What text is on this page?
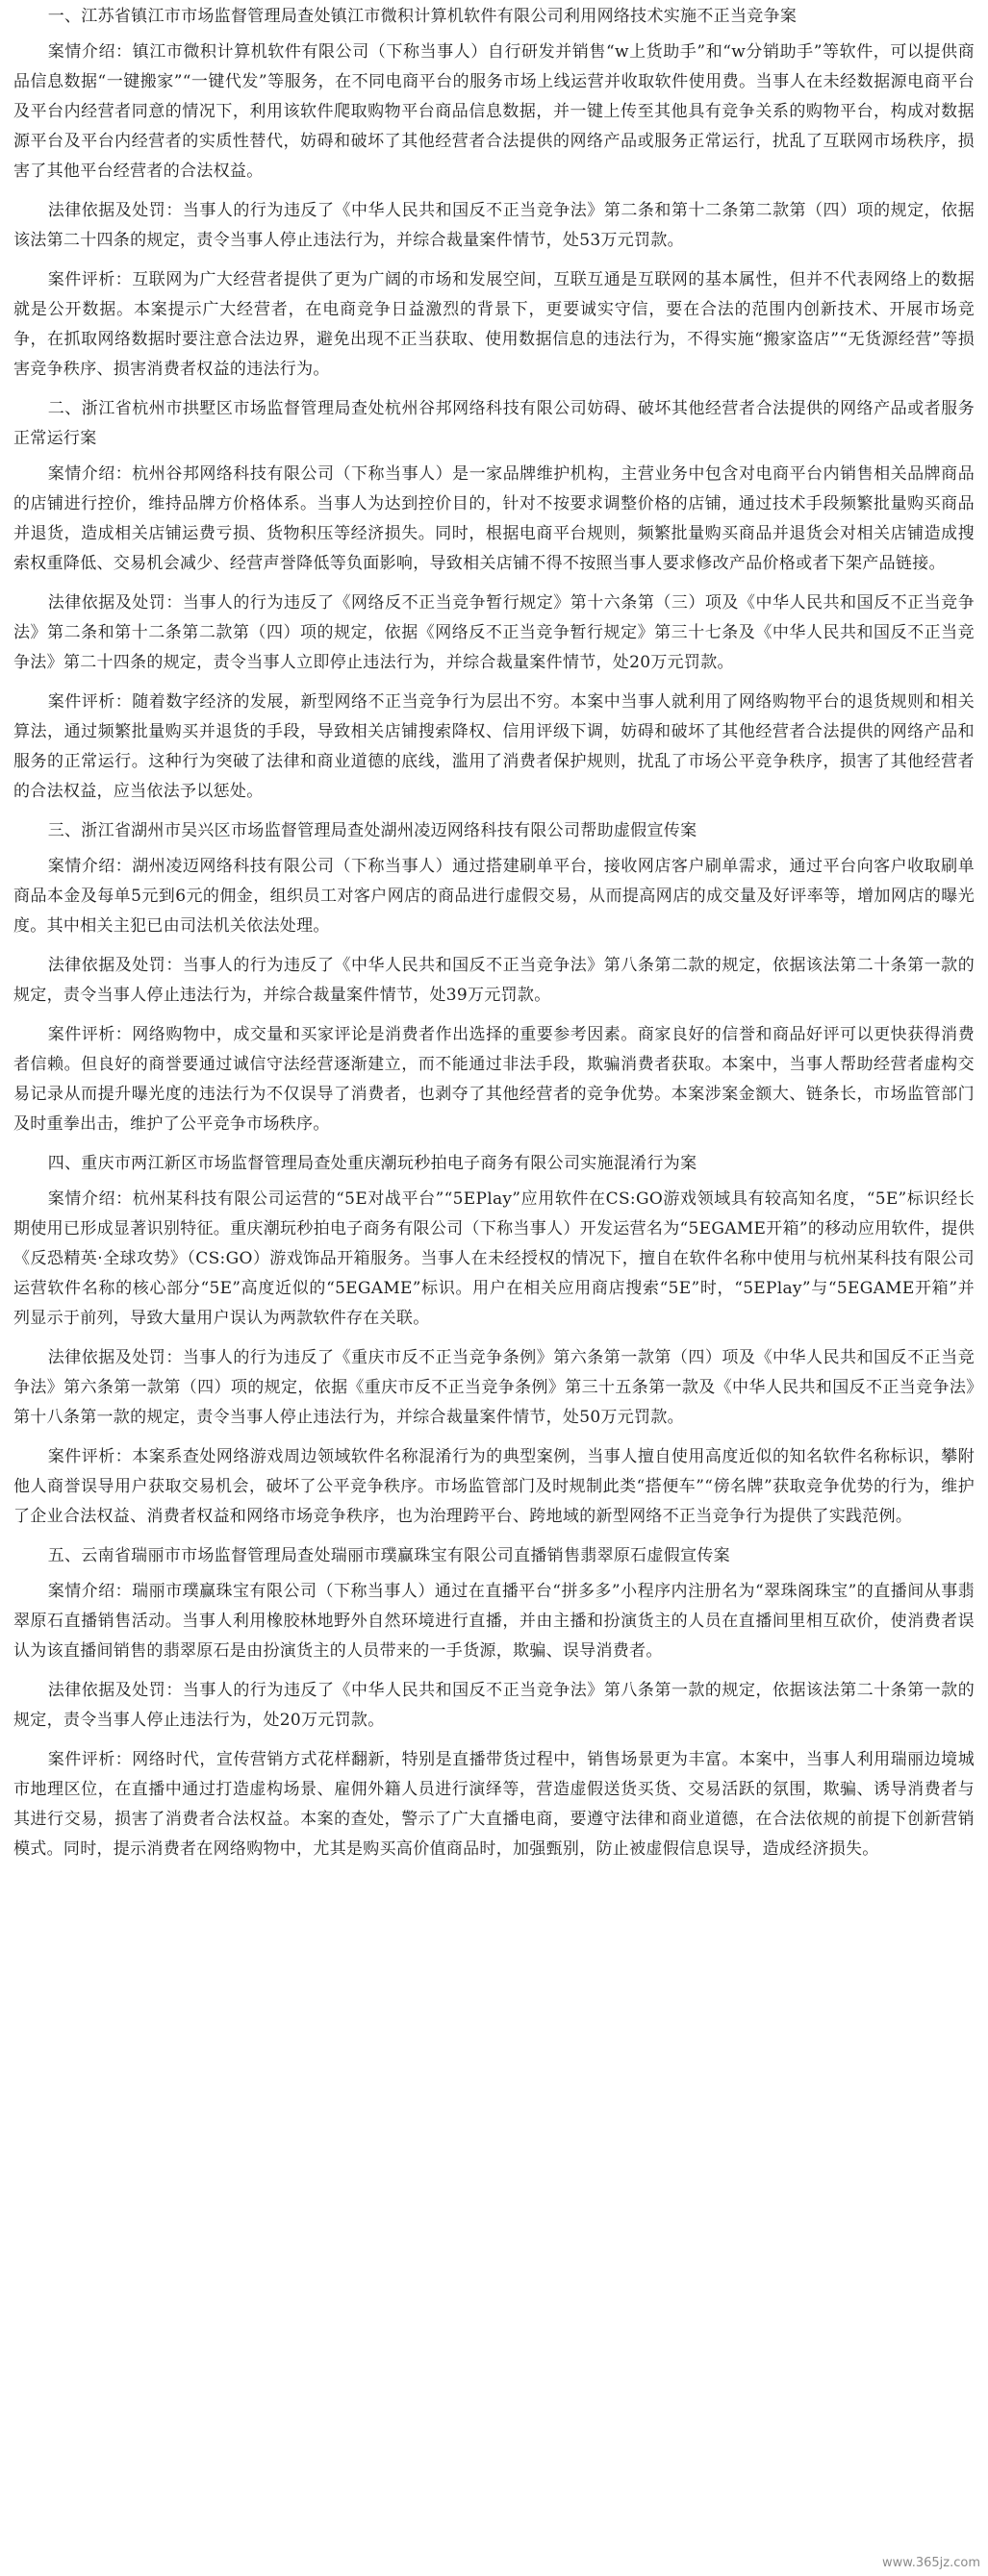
一、江苏省镇江市市场监督管理局查处镇江市微积计算机软件有限公司利用网络技术实施不正当竞争案

案情介绍：镇江市微积计算机软件有限公司（下称当事人）自行研发并销售“w上货助手”和“w分销助手”等软件，可以提供商品信息数据“一键搬家”“一键代发”等服务，在不同电商平台的服务市场上线运营并收取软件使用费。当事人在未经数据源电商平台及平台内经营者同意的情况下，利用该软件爬取购物平台商品信息数据，并一键上传至其他具有竞争关系的购物平台，构成对数据源平台及平台内经营者的实质性替代，妨碍和破坏了其他经营者合法提供的网络产品或服务正常运行，扰乱了互联网市场秩序，损害了其他平台经营者的合法权益。

法律依据及处罚：当事人的行为违反了《中华人民共和国反不正当竞争法》第二条和第十二条第二款第（四）项的规定，依据该法第二十四条的规定，责令当事人停止违法行为，并综合裁量案件情节，处53万元罚款。

案件评析：互联网为广大经营者提供了更为广阔的市场和发展空间，互联互通是互联网的基本属性，但并不代表网络上的数据就是公开数据。本案提示广大经营者，在电商竞争日益激烈的背景下，更要诚实守信，要在合法的范围内创新技术、开展市场竞争，在抓取网络数据时要注意合法边界，避免出现不正当获取、使用数据信息的违法行为，不得实施“搬家盗店”“无货源经营”等损害竞争秩序、损害消费者权益的违法行为。

二、浙江省杭州市拱墅区市场监督管理局查处杭州谷邦网络科技有限公司妨碍、破坏其他经营者合法提供的网络产品或者服务正常运行案

案情介绍：杭州谷邦网络科技有限公司（下称当事人）是一家品牌维护机构，主营业务中包含对电商平台内销售相关品牌商品的店铺进行控价，维持品牌方价格体系。当事人为达到控价目的，针对不按要求调整价格的店铺，通过技术手段频繁批量购买商品并退货，造成相关店铺运费亏损、货物积压等经济损失。同时，根据电商平台规则，频繁批量购买商品并退货会对相关店铺造成搜索权重降低、交易机会减少、经营声誉降低等负面影响，导致相关店铺不得不按照当事人要求修改产品价格或者下架产品链接。

法律依据及处罚：当事人的行为违反了《网络反不正当竞争暂行规定》第十六条第（三）项及《中华人民共和国反不正当竞争法》第二条和第十二条第二款第（四）项的规定，依据《网络反不正当竞争暂行规定》第三十七条及《中华人民共和国反不正当竞争法》第二十四条的规定，责令当事人立即停止违法行为，并综合裁量案件情节，处20万元罚款。

案件评析：随着数字经济的发展，新型网络不正当竞争行为层出不穷。本案中当事人就利用了网络购物平台的退货规则和相关算法，通过频繁批量购买并退货的手段，导致相关店铺搜索降权、信用评级下调，妨碍和破坏了其他经营者合法提供的网络产品和服务的正常运行。这种行为突破了法律和商业道德的底线，滥用了消费者保护规则，扰乱了市场公平竞争秩序，损害了其他经营者的合法权益，应当依法予以惩处。

三、浙江省湖州市吴兴区市场监督管理局查处湖州凌迈网络科技有限公司帮助虚假宣传案

案情介绍：湖州凌迈网络科技有限公司（下称当事人）通过搭建刷单平台，接收网店客户刷单需求，通过平台向客户收取刷单商品本金及每单5元到6元的佣金，组织员工对客户网店的商品进行虚假交易，从而提高网店的成交量及好评率等，增加网店的曝光度。其中相关主犯已由司法机关依法处理。

法律依据及处罚：当事人的行为违反了《中华人民共和国反不正当竞争法》第八条第二款的规定，依据该法第二十条第一款的规定，责令当事人停止违法行为，并综合裁量案件情节，处39万元罚款。

案件评析：网络购物中，成交量和买家评论是消费者作出选择的重要参考因素。商家良好的信誉和商品好评可以更快获得消费者信赖。但良好的商誉要通过诚信守法经营逐渐建立，而不能通过非法手段，欺骗消费者获取。本案中，当事人帮助经营者虚构交易记录从而提升曝光度的违法行为不仅误导了消费者，也剥夺了其他经营者的竞争优势。本案涉案金额大、链条长，市场监管部门及时重拳出击，维护了公平竞争市场秩序。

四、重庆市两江新区市场监督管理局查处重庆潮玩秒拍电子商务有限公司实施混淆行为案

案情介绍：杭州某科技有限公司运营的“5E对战平台”“5EPlay”应用软件在CS:GO游戏领域具有较高知名度，“5E”标识经长期使用已形成显著识别特征。重庆潮玩秒拍电子商务有限公司（下称当事人）开发运营名为“5EGAME开箱”的移动应用软件，提供《反恐精英·全球攻势》（CS:GO）游戏饰品开箱服务。当事人在未经授权的情况下，擅自在软件名称中使用与杭州某科技有限公司运营软件名称的核心部分“5E”高度近似的“5EGAME”标识。用户在相关应用商店搜索“5E”时，“5EPlay”与“5EGAME开箱”并列显示于前列，导致大量用户误认为两款软件存在关联。

法律依据及处罚：当事人的行为违反了《重庆市反不正当竞争条例》第六条第一款第（四）项及《中华人民共和国反不正当竞争法》第六条第一款第（四）项的规定，依据《重庆市反不正当竞争条例》第三十五条第一款及《中华人民共和国反不正当竞争法》第十八条第一款的规定，责令当事人停止违法行为，并综合裁量案件情节，处50万元罚款。

案件评析：本案系查处网络游戏周边领域软件名称混淆行为的典型案例，当事人擅自使用高度近似的知名软件名称标识，攀附他人商誉误导用户获取交易机会，破坏了公平竞争秩序。市场监管部门及时规制此类“搭便车”“傍名牌”获取竞争优势的行为，维护了企业合法权益、消费者权益和网络市场竞争秩序，也为治理跨平台、跨地域的新型网络不正当竞争行为提供了实践范例。

五、云南省瑞丽市市场监督管理局查处瑞丽市璞赢珠宝有限公司直播销售翡翠原石虚假宣传案

案情介绍：瑞丽市璞赢珠宝有限公司（下称当事人）通过在直播平台“拼多多”小程序内注册名为“翠珠阁珠宝”的直播间从事翡翠原石直播销售活动。当事人利用橡胶林地野外自然环境进行直播，并由主播和扮演货主的人员在直播间里相互砍价，使消费者误认为该直播间销售的翡翠原石是由扮演货主的人员带来的一手货源，欺骗、误导消费者。

法律依据及处罚：当事人的行为违反了《中华人民共和国反不正当竞争法》第八条第一款的规定，依据该法第二十条第一款的规定，责令当事人停止违法行为，处20万元罚款。

案件评析：网络时代，宣传营销方式花样翻新，特别是直播带货过程中，销售场景更为丰富。本案中，当事人利用瑞丽边境城市地理区位，在直播中通过打造虚构场景、雇佣外籍人员进行演绎等，营造虚假送货买货、交易活跃的氛围，欺骗、诱导消费者与其进行交易，损害了消费者合法权益。本案的查处，警示了广大直播电商，要遵守法律和商业道德，在合法依规的前提下创新营销模式。同时，提示消费者在网络购物中，尤其是购买高价值商品时，加强甄别，防止被虚假信息误导，造成经济损失。

www.365jz.com
